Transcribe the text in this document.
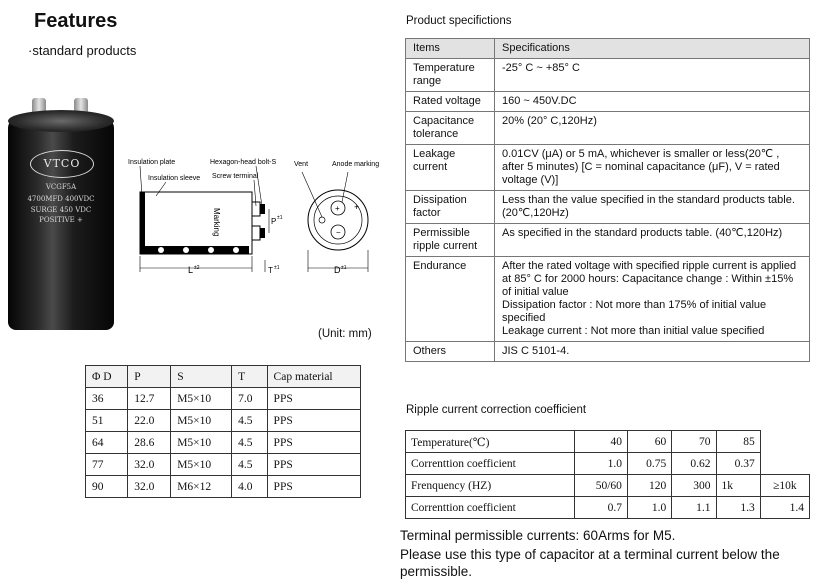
Features
·standard products
VTCO
VCGF5A
4700MFD 400VDC
SURGE 450 VDC
POSITIVE +
Insulation plate
Insulation sleeve
Hexagon-head bolt-S
Screw terminal
Marking
L ±2
P ±1
T ±1
+
−
+
Vent	Anode marking
D ±1
(Unit: mm)
Φ D	P	S	T	Cap material
36	12.7	M5×10	7.0	PPS
51	22.0	M5×10	4.5	PPS
64	28.6	M5×10	4.5	PPS
77	32.0	M5×10	4.5	PPS
90	32.0	M6×12	4.0	PPS
Product specifictions
Items	Specifications
Temperature range	-25° C ~ +85° C
Rated voltage	160 ~ 450V.DC
Capacitance tolerance	20% (20° C,120Hz)
Leakage current	0.01CV (μA) or 5 mA, whichever is smaller or less(20℃ , after 5 minutes) [C = nominal capacitance (μF), V = rated voltage (V)]
Dissipation factor	Less than the value specified in the standard products table. (20℃,120Hz)
Permissible ripple current	As specified in the standard products table. (40℃,120Hz)
Endurance	After the rated voltage with specified ripple current is applied at 85° C for 2000 hours: Capacitance change : Within ±15% of initial value
Dissipation factor : Not more than 175% of initial value specified
Leakage current : Not more than initial value specified
Others	JIS C 5101-4.
Ripple current correction coefficient
Temperature(℃)	40	60	70	85	
Correnttion coefficient	1.0	0.75	0.62	0.37	
Frenquency (HZ)	50/60	120	300	1k	≥10k
Correnttion coefficient	0.7	1.0	1.1	1.3	1.4
Terminal permissible currents: 60Arms for M5.
Please use this type of capacitor at a terminal current below the permissible.
